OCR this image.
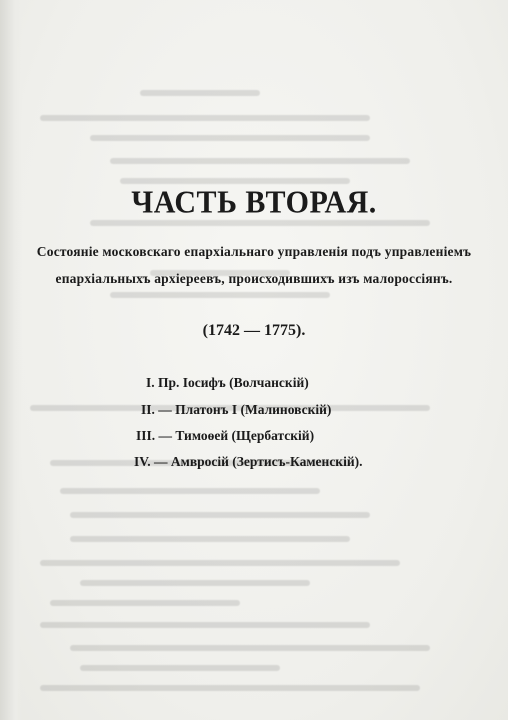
ЧАСТЬ ВТОРАЯ.
Состояніе московскаго епархіальнаго управленія подъ управленіемъ
епархіальныхъ архіереевъ, происходившихъ изъ малороссіянъ.
(1742 — 1775).
I. Пр. Іосифъ (Волчанскій)
II. — Платонъ I (Малиновскій)
III. — Тимоѳей (Щербатскій)
IV. — Амвросій (Зертисъ-Каменскій).
